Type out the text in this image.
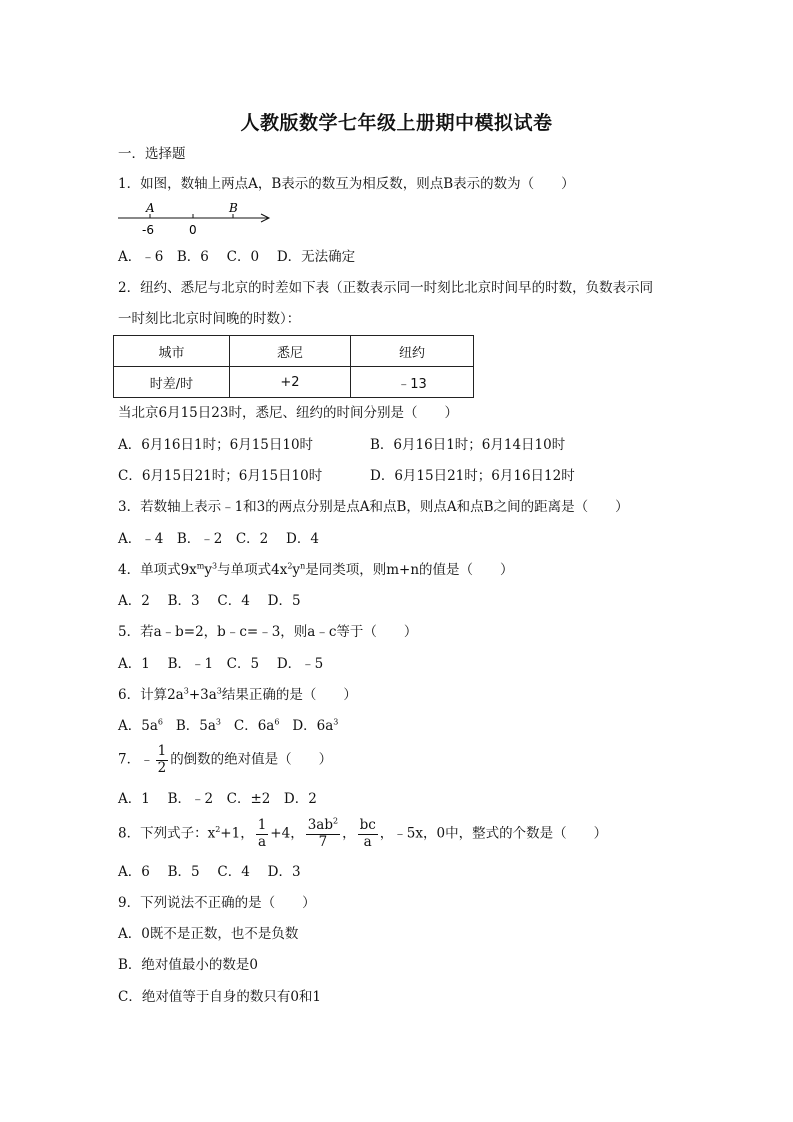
人教版数学七年级上册期中模拟试卷
一．选择题
1．如图，数轴上两点A，B表示的数互为相反数，则点B表示的数为（　　）
A	B
-6	0
A．﹣6　B．6　 C．0　 D．无法确定
2．纽约、悉尼与北京的时差如下表（正数表示同一时刻比北京时间早的时数，负数表示同
一时刻比北京时间晚的时数）：
城市	悉尼	纽约
时差/时	+2	﹣13
当北京6月15日23时，悉尼、纽约的时间分别是（　　）
A．6月16日1时；6月15日10时	B．6月16日1时；6月14日10时
C．6月15日21时；6月15日10时	D．6月15日21时；6月16日12时
3．若数轴上表示﹣1和3的两点分别是点A和点B，则点A和点B之间的距离是（　　）
A．﹣4　B．﹣2　C．2　 D．4
4．单项式$9x^my^3$与单项式$4x^2y^n$是同类项，则m+n的值是（　　）
A．2　 B．3　 C．4　 D．5
5．若a﹣b=2，b﹣c=﹣3，则a﹣c等于（　　）
A．1　 B．﹣1　C．5　 D．﹣5
6．计算$2a^3+3a^3$结果正确的是（　　）
A．$5a^6$ B．$5a^3$ C．$6a^6$ D．$6a^3$
7．﹣ $\frac{1}{2}$ 的倒数的绝对值是（　　）
A．1　 B．﹣2　C．±2　D．2
8．下列式子：$x^2+1$， $\frac{1}{a} +4$， $\frac{3ab^2}{7}$ ， $\frac{bc}{a}$ ，﹣5x，0中，整式的个数是（　　）
A．6　 B．5　 C．4　 D．3
9．下列说法不正确的是（　　）
A．0既不是正数，也不是负数
B．绝对值最小的数是0
C．绝对值等于自身的数只有0和1
